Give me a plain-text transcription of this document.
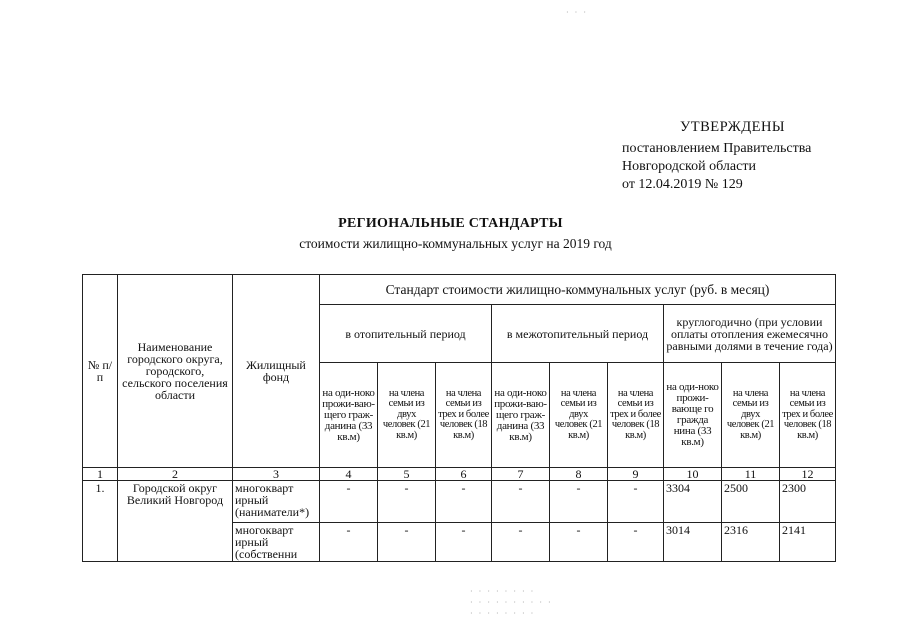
· · ·
· · · · · · · ·
· · · · · · · · · ·
· · · · · · · ·
УТВЕРЖДЕНЫ
постановлением Правительства
Новгородской области
от 12.04.2019 № 129
РЕГИОНАЛЬНЫЕ СТАНДАРТЫ
стоимости жилищно-коммунальных услуг на 2019 год
№ п/п	Наименование городского округа, городского, сельского поселения области	Жилищный фонд	Стандарт стоимости жилищно-коммунальных услуг (руб. в месяц)								
			в отопительный период			в межотопительный период			круглогодично (при условии оплаты отопления ежемесячно равными долями в течение года)		
			на оди-ноко прожи-ваю-щего граж-данина (33 кв.м)	на члена семьи из двух человек (21 кв.м)	на члена семьи из трех и более человек (18 кв.м)	на оди-ноко прожи-ваю-щего граж-данина (33 кв.м)	на члена семьи из двух человек (21 кв.м)	на члена семьи из трех и более человек (18 кв.м)	на оди-ноко прожи-вающе го гражда нина (33 кв.м)	на члена семьи из двух человек (21 кв.м)	на члена семьи из трех и более человек (18 кв.м)
1	2	3	4	5	6	7	8	9	10	11	12
1.	Городской округ Великий Новгород	многокварт ирный (наниматели*)	-	-	-	-	-	-	3304	2500	2300
		многокварт ирный (собственни	-	-	-	-	-	-	3014	2316	2141
